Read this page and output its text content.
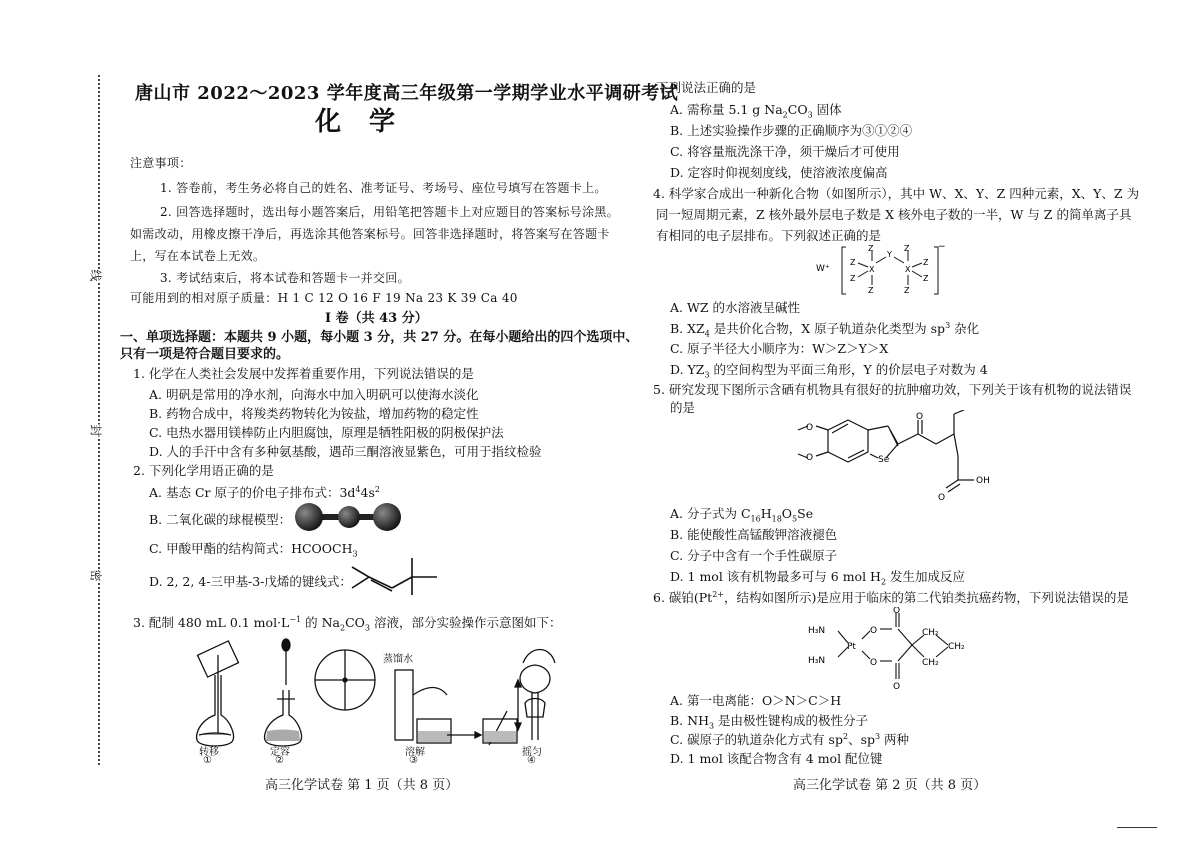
线
封
密
唐山市 2022～2023 学年度高三年级第一学期学业水平调研考试
化学
注意事项：
1. 答卷前，考生务必将自己的姓名、准考证号、考场号、座位号填写在答题卡上。
2. 回答选择题时，选出每小题答案后，用铅笔把答题卡上对应题目的答案标号涂黑。
如需改动，用橡皮擦干净后，再选涂其他答案标号。回答非选择题时，将答案写在答题卡
上，写在本试卷上无效。
3. 考试结束后，将本试卷和答题卡一并交回。
可能用到的相对原子质量：H 1 C 12 O 16 F 19 Na 23 K 39 Ca 40
I 卷（共 43 分）
一、单项选择题：本题共 9 小题，每小题 3 分，共 27 分。在每小题给出的四个选项中、
只有一项是符合题目要求的。
1. 化学在人类社会发展中发挥着重要作用，下列说法错误的是
A. 明矾是常用的净水剂，向海水中加入明矾可以使海水淡化
B. 药物合成中，将羧类药物转化为铵盐，增加药物的稳定性
C. 电热水器用镁棒防止内胆腐蚀，原理是牺牲阳极的阴极保护法
D. 人的手汗中含有多种氨基酸，遇茚三酮溶液显紫色，可用于指纹检验
2. 下列化学用语正确的是
A. 基态 Cr 原子的价电子排布式：$3d^44s^2$
B. 二氧化碳的球棍模型：
C. 甲酸甲酯的结构简式：$HCOOCH_3$
D. 2, 2, 4-三甲基-3-戊烯的键线式：
3. 配制 480 mL 0.1 $mol\cdot L^{-1}$ 的 $Na_2CO_3$ 溶液，部分实验操作示意图如下：
蒸馏水
转移
①
定容
②
溶解
③
摇匀
④
高三化学试卷 第 1 页（共 8 页）
下列说法正确的是
A. 需称量 5.1 g $Na_2CO_3$ 固体
B. 上述实验操作步骤的正确顺序为③①②④
C. 将容量瓶洗涤干净，须干燥后才可使用
D. 定容时仰视刻度线，使溶液浓度偏高
4. 科学家合成出一种新化合物（如图所示），其中 W、X、Y、Z 四种元素，X、Y、Z 为
同一短周期元素，Z 核外最外层电子数是 X 核外电子数的一半，W 与 Z 的简单离子具
有相同的电子层排布。下列叙述正确的是
W⁺
Z
Z
X
Z
Z
Y
X
Z
Z
Z
Z
−
A. WZ 的水溶液呈碱性
B. $XZ_4$ 是共价化合物，X 原子轨道杂化类型为 $sp^3$ 杂化
C. 原子半径大小顺序为：W＞Z＞Y＞X
D. $YZ_3$ 的空间构型为平面三角形，Y 的价层电子对数为 4
5. 研究发现下图所示含硒有机物具有很好的抗肿瘤功效，下列关于该有机物的说法错误
的是
Se
O
O
O
O
OH
A. 分子式为 $C_{16}H_{18}O_5Se$
B. 能使酸性高锰酸钾溶液褪色
C. 分子中含有一个手性碳原子
D. 1 mol 该有机物最多可与 6 mol $H_2$ 发生加成反应
6. 碳铂($Pt^{2+}$，结构如图所示)是应用于临床的第二代铂类抗癌药物，下列说法错误的是
H₃N
H₃N
Pt
O
O
O
O
CH₂
CH₂
CH₂
A. 第一电离能：O＞N＞C＞H
B. $NH_3$ 是由极性键构成的极性分子
C. 碳原子的轨道杂化方式有 $sp^2$、$sp^3$ 两种
D. 1 mol 该配合物含有 4 mol 配位键
高三化学试卷 第 2 页（共 8 页）
